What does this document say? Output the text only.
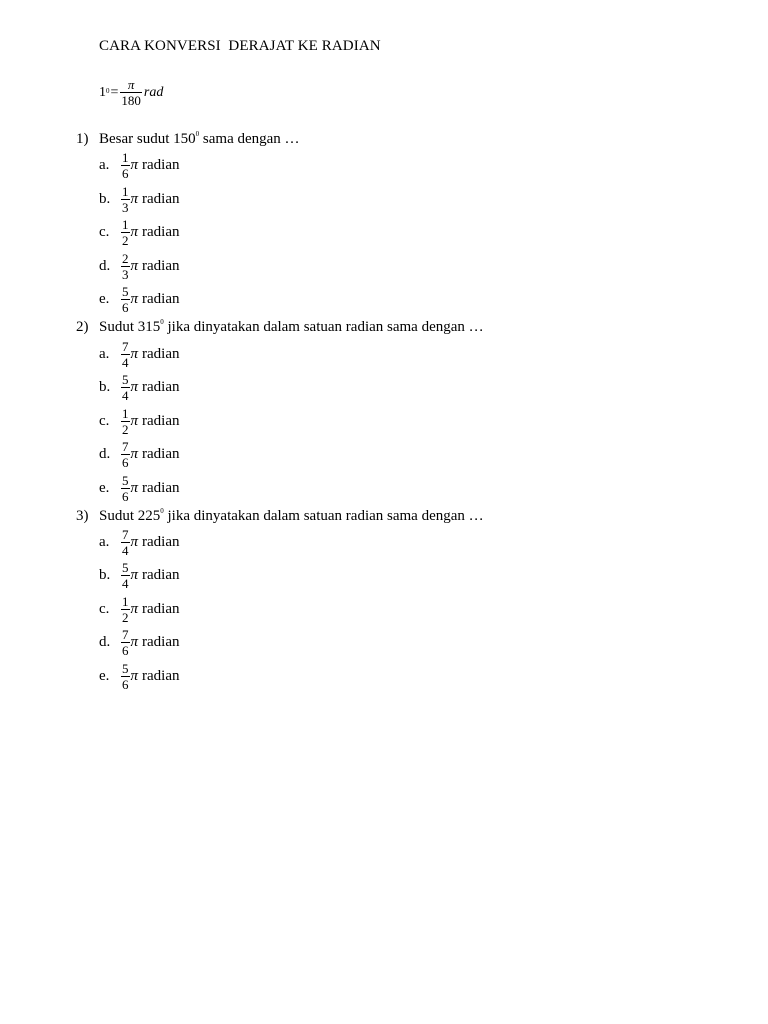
CARA KONVERSI  DERAJAT KE RADIAN
$1^0 = \frac{\pi}{180}$ rad
1) Besar sudut $150^0$ sama dengan …
a. $\frac{1}{6}$ π radian
b. $\frac{1}{3}$ π radian
c. $\frac{1}{2}$ π radian
d. $\frac{2}{3}$ π radian
e. $\frac{5}{6}$ π radian
2) Sudut $315^0$ jika dinyatakan dalam satuan radian sama dengan …
a. $\frac{7}{4}$ π radian
b. $\frac{5}{4}$ π radian
c. $\frac{1}{2}$ π radian
d. $\frac{7}{6}$ π radian
e. $\frac{5}{6}$ π radian
3) Sudut $225^0$ jika dinyatakan dalam satuan radian sama dengan …
a. $\frac{7}{4}$ π radian
b. $\frac{5}{4}$ π radian
c. $\frac{1}{2}$ π radian
d. $\frac{7}{6}$ π radian
e. $\frac{5}{6}$ π radian
